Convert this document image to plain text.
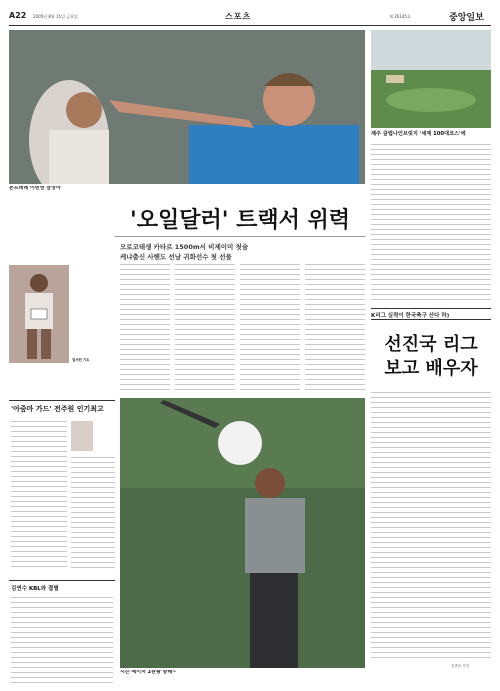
A22 2005년 8월 15일 금요일	스포츠	제 26145호	중앙일보
본프레레 이변엔 잠망아
제주 클럽나인브릿지 '세계 100대코스'에
'오일달러' 트랙서 위력
모로코태생 카타르 1500m서 비제이미 첫술
케냐출신 사헨도 선남 귀화선수 첫 선물
걸서런 기도
K리그 실력이 한국축구 산다 하)
선진국 리그
보고 배우자
김종문 기자
'아줌마 가드' 전주원 인기최고
김연수 KBL와 결별
시즌 메이저 2관왕 향해~
